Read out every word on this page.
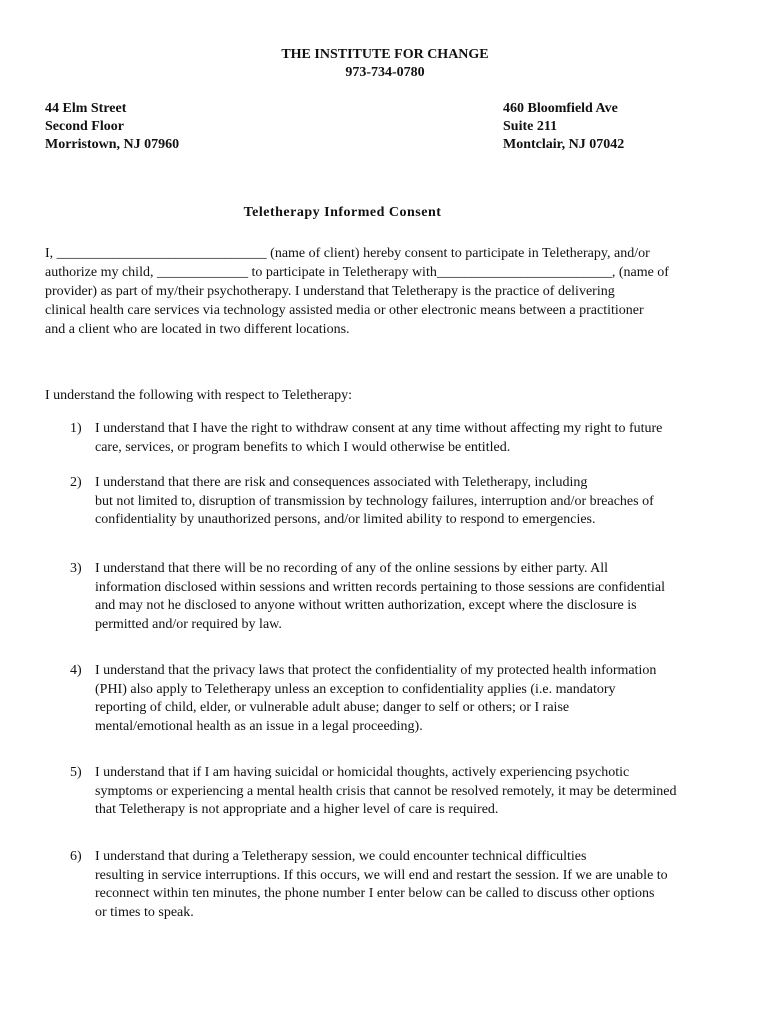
THE INSTITUTE FOR CHANGE
973-734-0780
44 Elm Street
Second Floor
Morristown, NJ 07960
460 Bloomfield Ave
Suite 211
Montclair, NJ 07042
Teletherapy Informed Consent
I, ______________________________ (name of client) hereby consent to participate in Teletherapy, and/or
authorize my child, _____________ to participate in Teletherapy with_________________________, (name of
provider) as part of my/their psychotherapy. I understand that Teletherapy is the practice of delivering
clinical health care services via technology assisted media or other electronic means between a practitioner
and a client who are located in two different locations.
I understand the following with respect to Teletherapy:
1) I understand that I have the right to withdraw consent at any time without affecting my right to future
care, services, or program benefits to which I would otherwise be entitled.
2) I understand that there are risk and consequences associated with Teletherapy, including
but not limited to, disruption of transmission by technology failures, interruption and/or breaches of
confidentiality by unauthorized persons, and/or limited ability to respond to emergencies.
3) I understand that there will be no recording of any of the online sessions by either party. All
information disclosed within sessions and written records pertaining to those sessions are confidential
and may not he disclosed to anyone without written authorization, except where the disclosure is
permitted and/or required by law.
4) I understand that the privacy laws that protect the confidentiality of my protected health information
(PHI) also apply to Teletherapy unless an exception to confidentiality applies (i.e. mandatory
reporting of child, elder, or vulnerable adult abuse; danger to self or others; or I raise
mental/emotional health as an issue in a legal proceeding).
5) I understand that if I am having suicidal or homicidal thoughts, actively experiencing psychotic
symptoms or experiencing a mental health crisis that cannot be resolved remotely, it may be determined
that Teletherapy is not appropriate and a higher level of care is required.
6) I understand that during a Teletherapy session, we could encounter technical difficulties
resulting in service interruptions. If this occurs, we will end and restart the session. If we are unable to
reconnect within ten minutes, the phone number I enter below can be called to discuss other options
or times to speak.
